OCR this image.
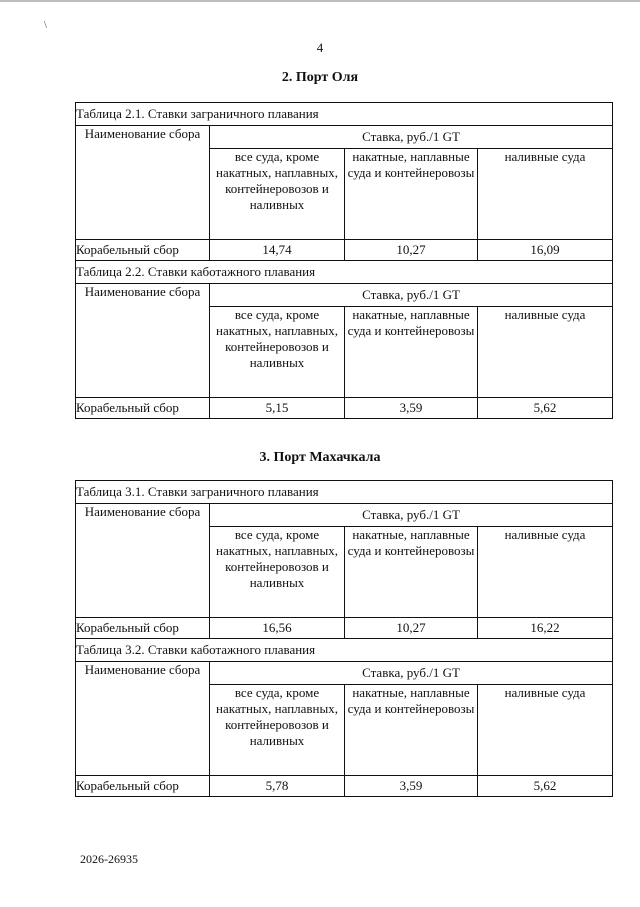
\
4
2. Порт Оля
Таблица 2.1. Ставки заграничного плавания			
Наименование сбора	Ставка, руб./1 GT		
	все суда, кроме накатных, наплавных, контейнеровозов и наливных	накатные, наплавные суда и контейнеровозы	наливные суда
Корабельный сбор	14,74	10,27	16,09
Таблица 2.2. Ставки каботажного плавания			
Наименование сбора	Ставка, руб./1 GT		
	все суда, кроме накатных, наплавных, контейнеровозов и наливных	накатные, наплавные суда и контейнеровозы	наливные суда
Корабельный сбор	5,15	3,59	5,62
3. Порт Махачкала
Таблица 3.1. Ставки заграничного плавания			
Наименование сбора	Ставка, руб./1 GT		
	все суда, кроме накатных, наплавных, контейнеровозов и наливных	накатные, наплавные суда и контейнеровозы	наливные суда
Корабельный сбор	16,56	10,27	16,22
Таблица 3.2. Ставки каботажного плавания			
Наименование сбора	Ставка, руб./1 GT		
	все суда, кроме накатных, наплавных, контейнеровозов и наливных	накатные, наплавные суда и контейнеровозы	наливные суда
Корабельный сбор	5,78	3,59	5,62
2026-26935
